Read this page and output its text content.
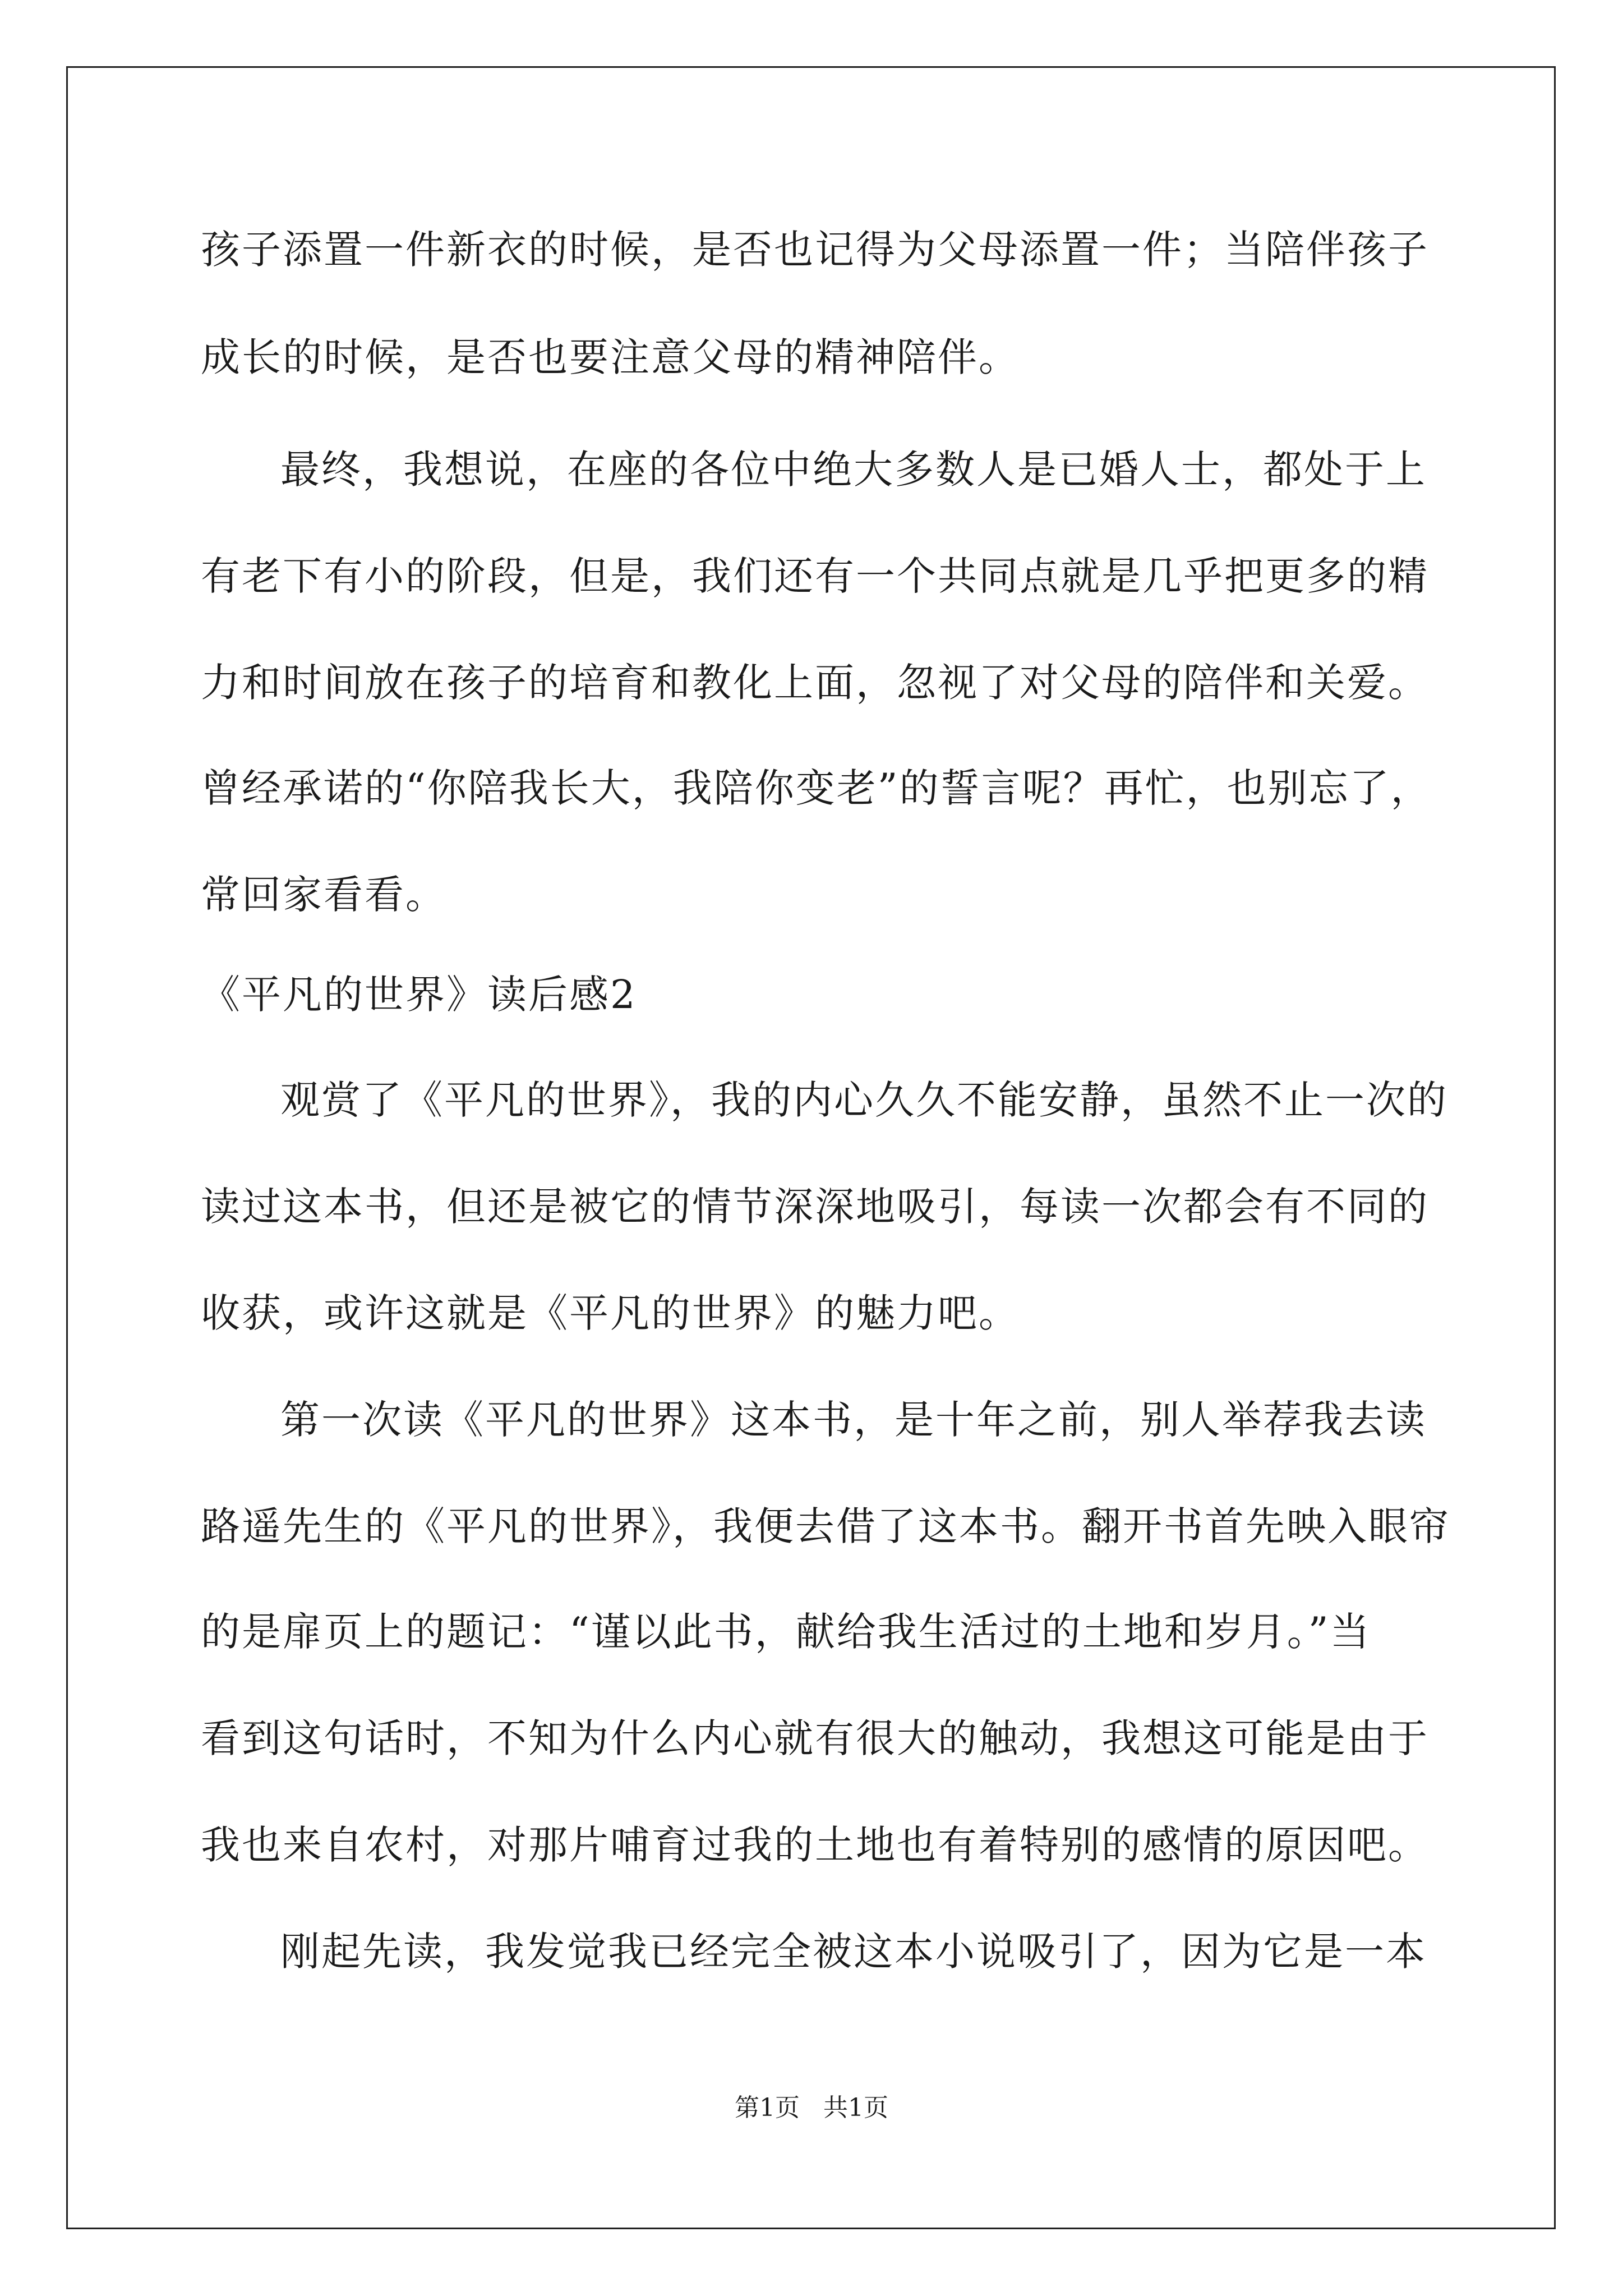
孩子添置一件新衣的时候，是否也记得为父母添置一件；当陪伴孩子
成长的时候，是否也要注意父母的精神陪伴。
最终，我想说，在座的各位中绝大多数人是已婚人士，都处于上
有老下有小的阶段，但是，我们还有一个共同点就是几乎把更多的精
力和时间放在孩子的培育和教化上面，忽视了对父母的陪伴和关爱。
曾经承诺的“你陪我长大，我陪你变老”的誓言呢？再忙，也别忘了，
常回家看看。
《平凡的世界》读后感2
观赏了《平凡的世界》，我的内心久久不能安静，虽然不止一次的
读过这本书，但还是被它的情节深深地吸引，每读一次都会有不同的
收获，或许这就是《平凡的世界》的魅力吧。
第一次读《平凡的世界》这本书，是十年之前，别人举荐我去读
路遥先生的《平凡的世界》，我便去借了这本书。翻开书首先映入眼帘
的是扉页上的题记：“谨以此书，献给我生活过的土地和岁月。”当
看到这句话时，不知为什么内心就有很大的触动，我想这可能是由于
我也来自农村，对那片哺育过我的土地也有着特别的感情的原因吧。
刚起先读，我发觉我已经完全被这本小说吸引了，因为它是一本
第1页   共1页
